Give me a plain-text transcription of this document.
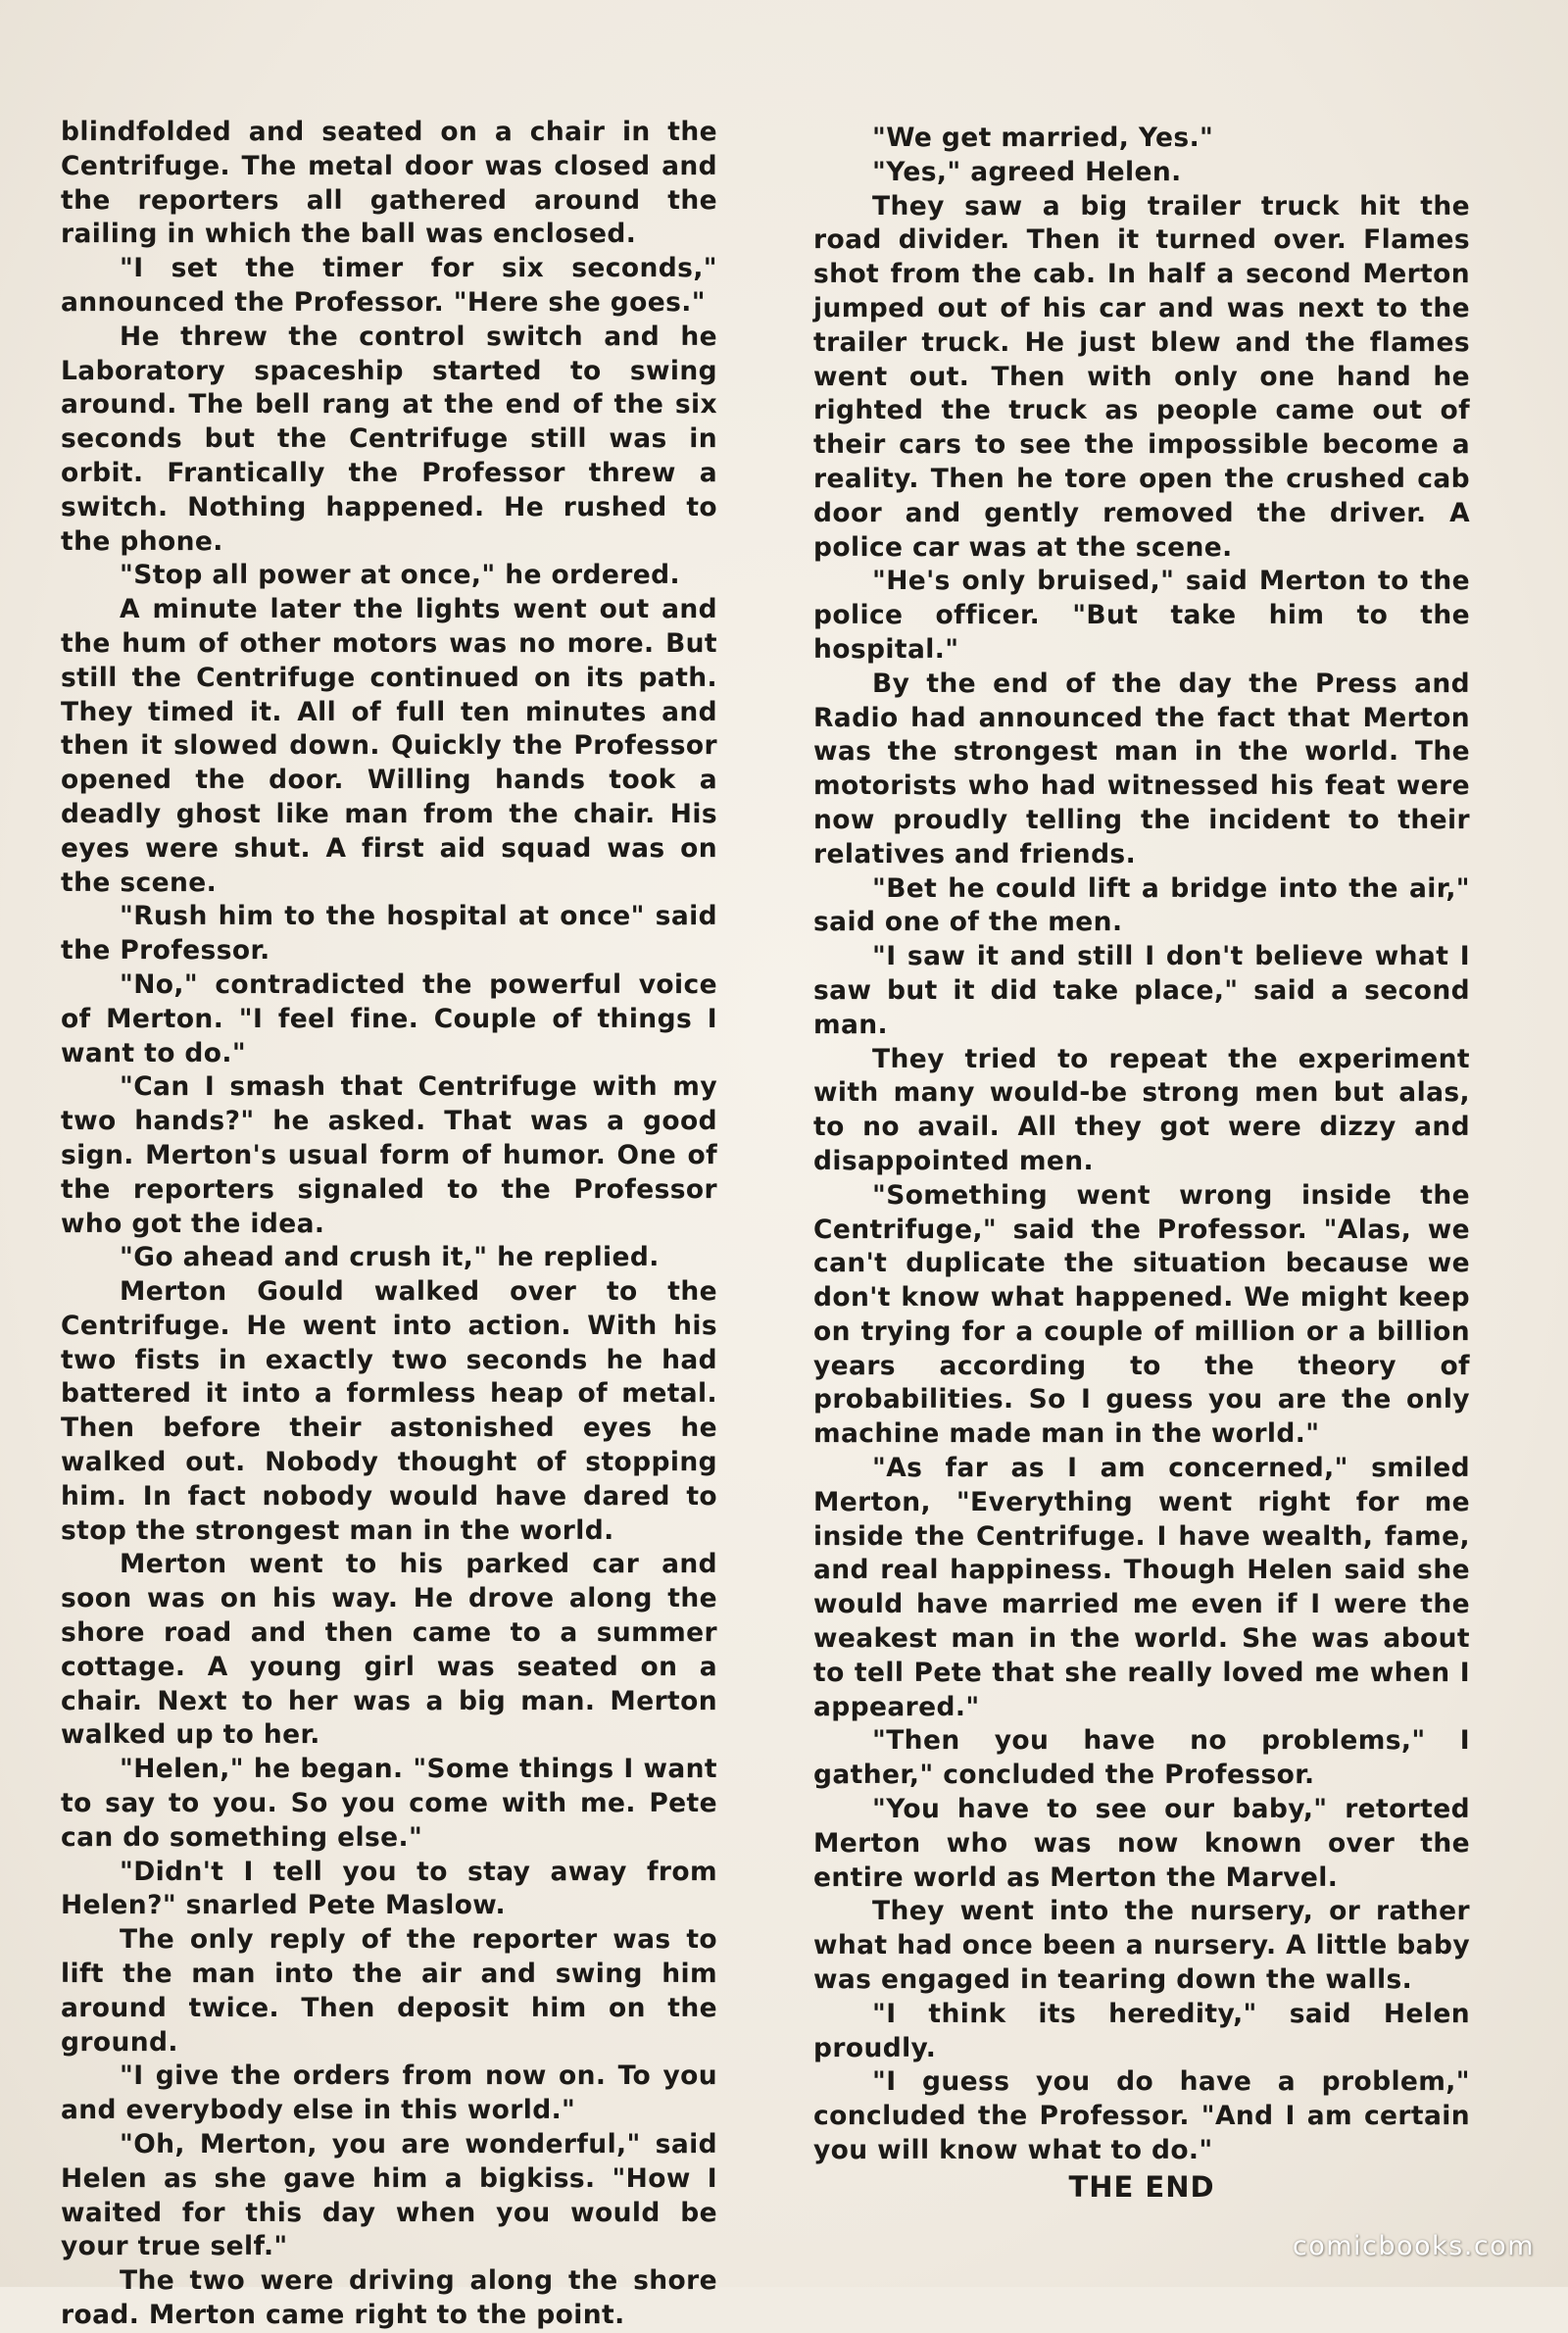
blindfolded and seated on a chair in the Centrifuge. The metal door was closed and the reporters all gathered around the railing in which the ball was enclosed.

"I set the timer for six seconds," announced the Professor. "Here she goes."

He threw the control switch and he Laboratory spaceship started to swing around. The bell rang at the end of the six seconds but the Centrifuge still was in orbit. Frantically the Professor threw a switch. Nothing happened. He rushed to the phone.

"Stop all power at once," he ordered.

A minute later the lights went out and the hum of other motors was no more. But still the Centrifuge continued on its path. They timed it. All of full ten minutes and then it slowed down. Quickly the Professor opened the door. Willing hands took a deadly ghost like man from the chair. His eyes were shut. A first aid squad was on the scene.

"Rush him to the hospital at once" said the Professor.

"No," contradicted the powerful voice of Merton. "I feel fine. Couple of things I want to do."

"Can I smash that Centrifuge with my two hands?" he asked. That was a good sign. Merton's usual form of humor. One of the reporters signaled to the Professor who got the idea.

"Go ahead and crush it," he replied.

Merton Gould walked over to the Centrifuge. He went into action. With his two fists in exactly two seconds he had battered it into a formless heap of metal. Then before their astonished eyes he walked out. Nobody thought of stopping him. In fact nobody would have dared to stop the strongest man in the world.

Merton went to his parked car and soon was on his way. He drove along the shore road and then came to a summer cottage. A young girl was seated on a chair. Next to her was a big man. Merton walked up to her.

"Helen," he began. "Some things I want to say to you. So you come with me. Pete can do something else."

"Didn't I tell you to stay away from Helen?" snarled Pete Maslow.

The only reply of the reporter was to lift the man into the air and swing him around twice. Then deposit him on the ground.

"I give the orders from now on. To you and everybody else in this world."

"Oh, Merton, you are wonderful," said Helen as she gave him a bigkiss. "How I waited for this day when you would be your true self."

The two were driving along the shore road. Merton came right to the point.

"We get married, Yes."

"Yes," agreed Helen.

They saw a big trailer truck hit the road divider. Then it turned over. Flames shot from the cab. In half a second Merton jumped out of his car and was next to the trailer truck. He just blew and the flames went out. Then with only one hand he righted the truck as people came out of their cars to see the impossible become a reality. Then he tore open the crushed cab door and gently removed the driver. A police car was at the scene.

"He's only bruised," said Merton to the police officer. "But take him to the hospital."

By the end of the day the Press and Radio had announced the fact that Merton was the strongest man in the world. The motorists who had witnessed his feat were now proudly telling the incident to their relatives and friends.

"Bet he could lift a bridge into the air," said one of the men.

"I saw it and still I don't believe what I saw but it did take place," said a second man.

They tried to repeat the experiment with many would-be strong men but alas, to no avail. All they got were dizzy and disappointed men.

"Something went wrong inside the Centrifuge," said the Professor. "Alas, we can't duplicate the situation because we don't know what happened. We might keep on trying for a couple of million or a billion years according to the theory of probabilities. So I guess you are the only machine made man in the world."

"As far as I am concerned," smiled Merton, "Everything went right for me inside the Centrifuge. I have wealth, fame, and real happiness. Though Helen said she would have married me even if I were the weakest man in the world. She was about to tell Pete that she really loved me when I appeared."

"Then you have no problems," I gather," concluded the Professor.

"You have to see our baby," retorted Merton who was now known over the entire world as Merton the Marvel.

They went into the nursery, or rather what had once been a nursery. A little baby was engaged in tearing down the walls.

"I think its heredity," said Helen proudly.

"I guess you do have a problem," concluded the Professor. "And I am certain you will know what to do."

THE END
comicbooks.com
